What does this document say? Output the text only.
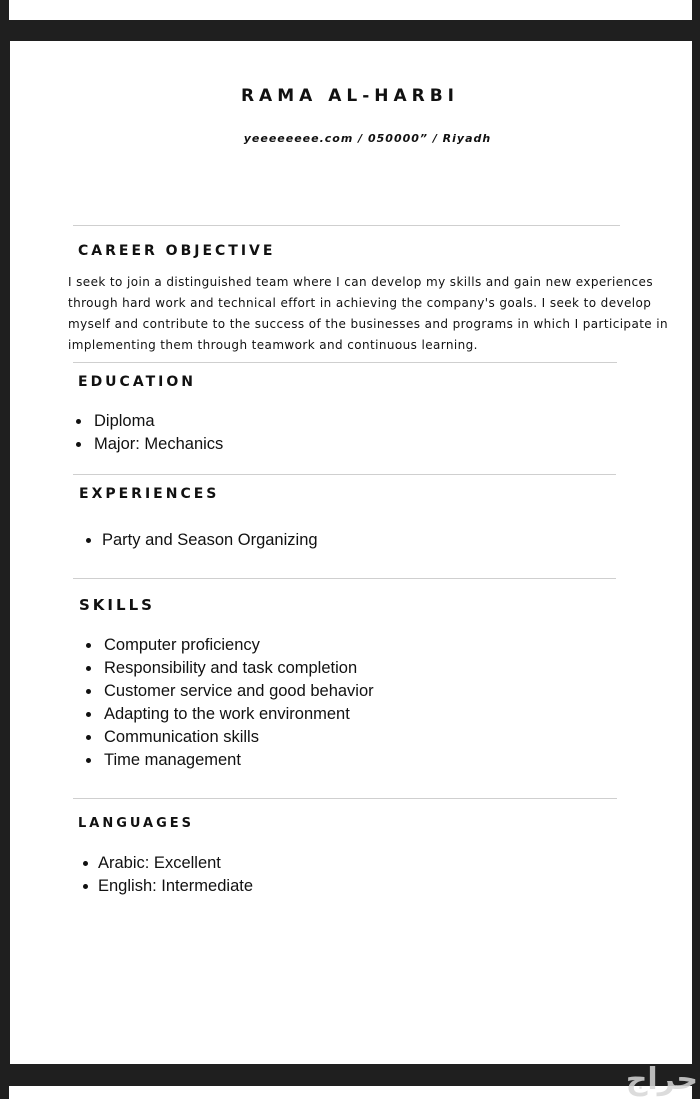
RAMA AL-HARBI
yeeeeeeee.com / 050000” / Riyadh
CAREER OBJECTIVE

I seek to join a distinguished team where I can develop my skills and gain new experiences through hard work and technical effort in achieving the company's goals. I seek to develop myself and contribute to the success of the businesses and programs in which I participate in implementing them through teamwork and continuous learning.

EDUCATION
Diploma
Major: Mechanics
EXPERIENCES
Party and Season Organizing
SKILLS
Computer proficiency
Responsibility and task completion
Customer service and good behavior
Adapting to the work environment
Communication skills
Time management
LANGUAGES
Arabic: Excellent
English: Intermediate
حراج
